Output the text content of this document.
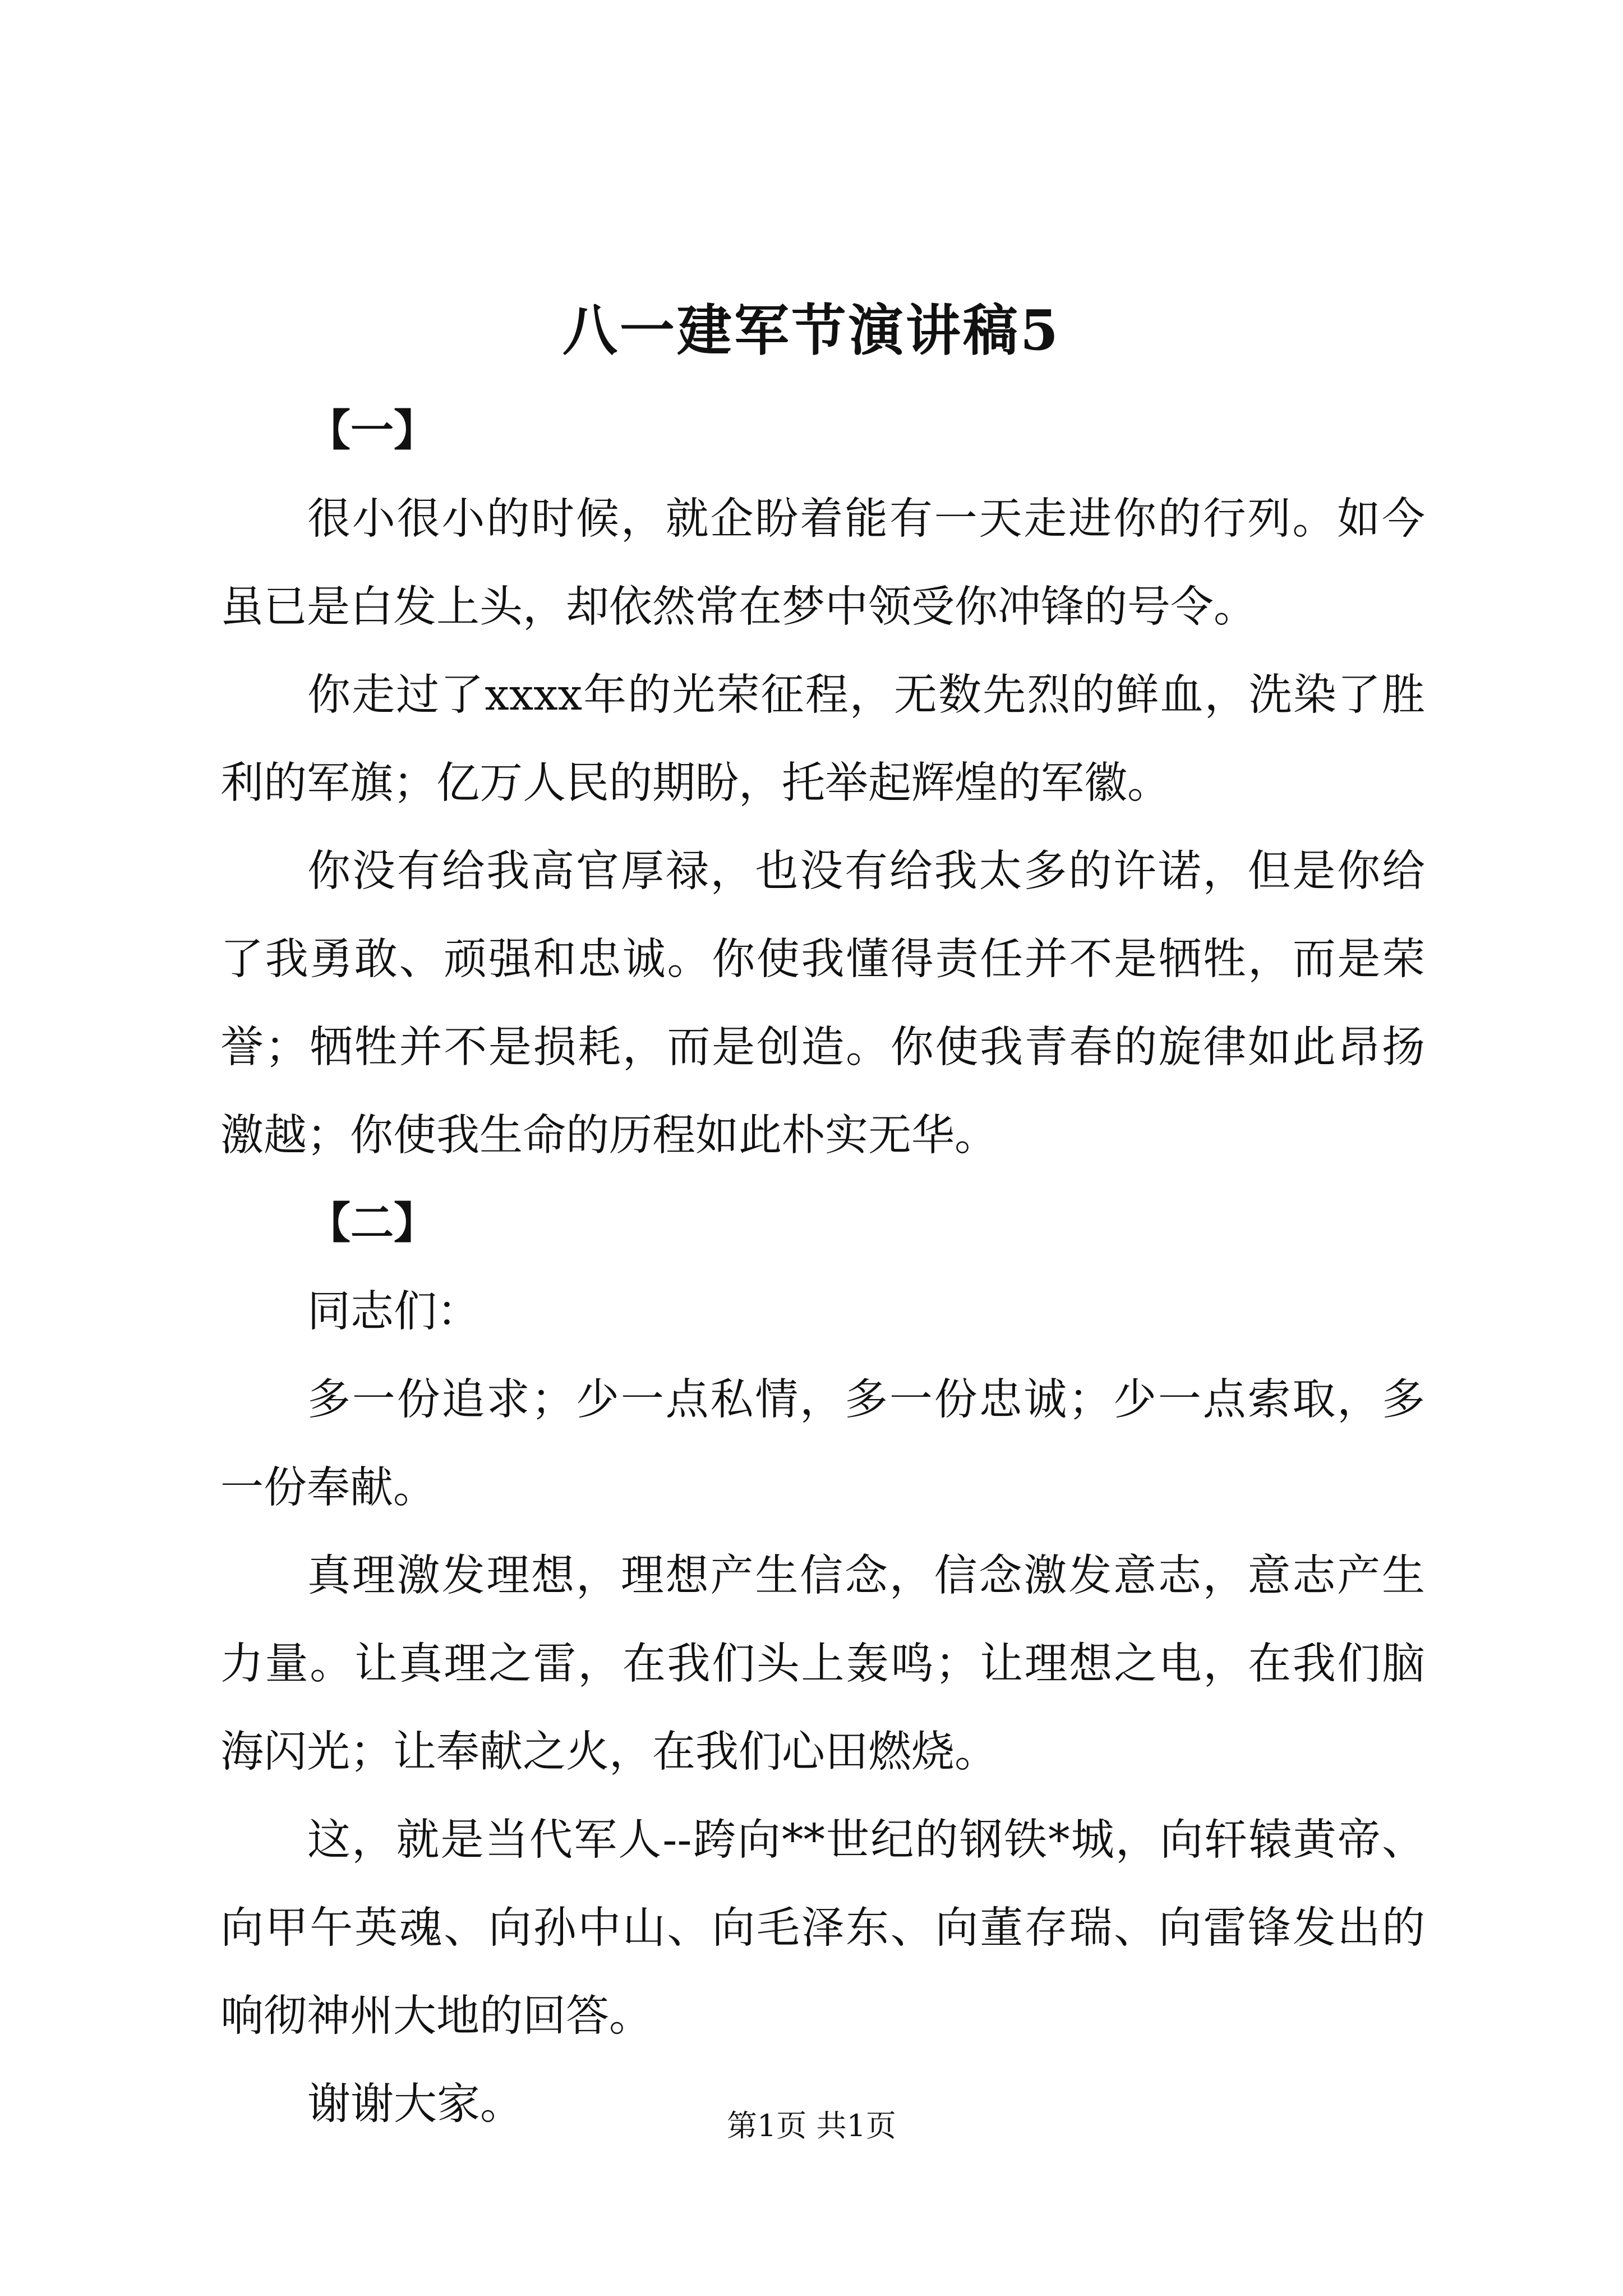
八一建军节演讲稿5

【一】

很小很小的时候，就企盼着能有一天走进你的行列。如今虽已是白发上头，却依然常在梦中领受你冲锋的号令。

你走过了xxxx年的光荣征程，无数先烈的鲜血，洗染了胜利的军旗；亿万人民的期盼，托举起辉煌的军徽。

你没有给我高官厚禄，也没有给我太多的许诺，但是你给了我勇敢、顽强和忠诚。你使我懂得责任并不是牺牲，而是荣誉；牺牲并不是损耗，而是创造。你使我青春的旋律如此昂扬激越；你使我生命的历程如此朴实无华。

【二】

同志们：

多一份追求；少一点私情，多一份忠诚；少一点索取，多一份奉献。

真理激发理想，理想产生信念，信念激发意志，意志产生力量。让真理之雷，在我们头上轰鸣；让理想之电，在我们脑海闪光；让奉献之火，在我们心田燃烧。

这，就是当代军人--跨向**世纪的钢铁*城，向轩辕黄帝、向甲午英魂、向孙中山、向毛泽东、向董存瑞、向雷锋发出的响彻神州大地的回答。

谢谢大家。	第1页 共1页
